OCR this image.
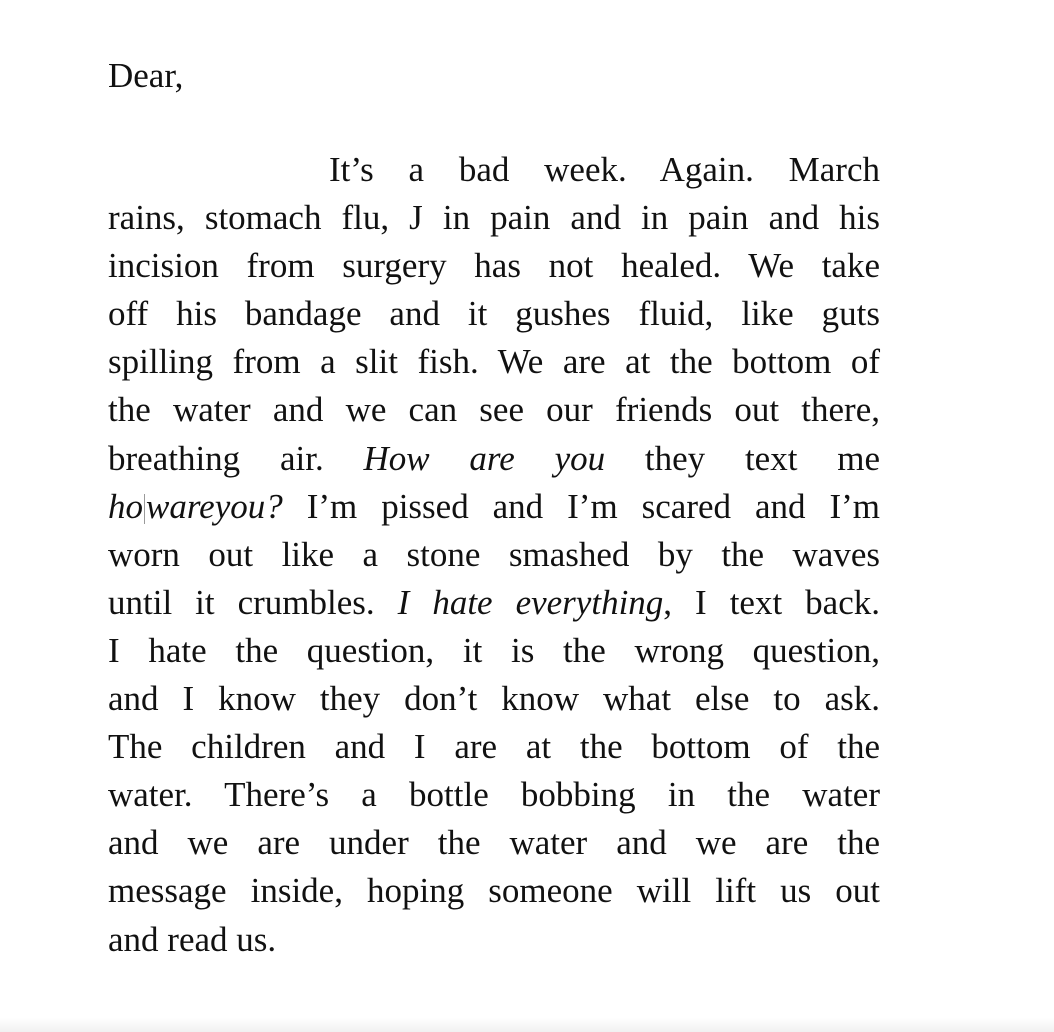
Dear,

It’s a bad week. Again. March
rains, stomach flu, J in pain and in pain and his
incision from surgery has not healed. We take
off his bandage and it gushes fluid, like guts
spilling from a slit fish. We are at the bottom of
the water and we can see our friends out there,
breathing air. How are you they text me
howareyou? I’m pissed and I’m scared and I’m
worn out like a stone smashed by the waves
until it crumbles. I hate everything, I text back.
I hate the question, it is the wrong question,
and I know they don’t know what else to ask.
The children and I are at the bottom of the
water. There’s a bottle bobbing in the water
and we are under the water and we are the
message inside, hoping someone will lift us out
and read us.
